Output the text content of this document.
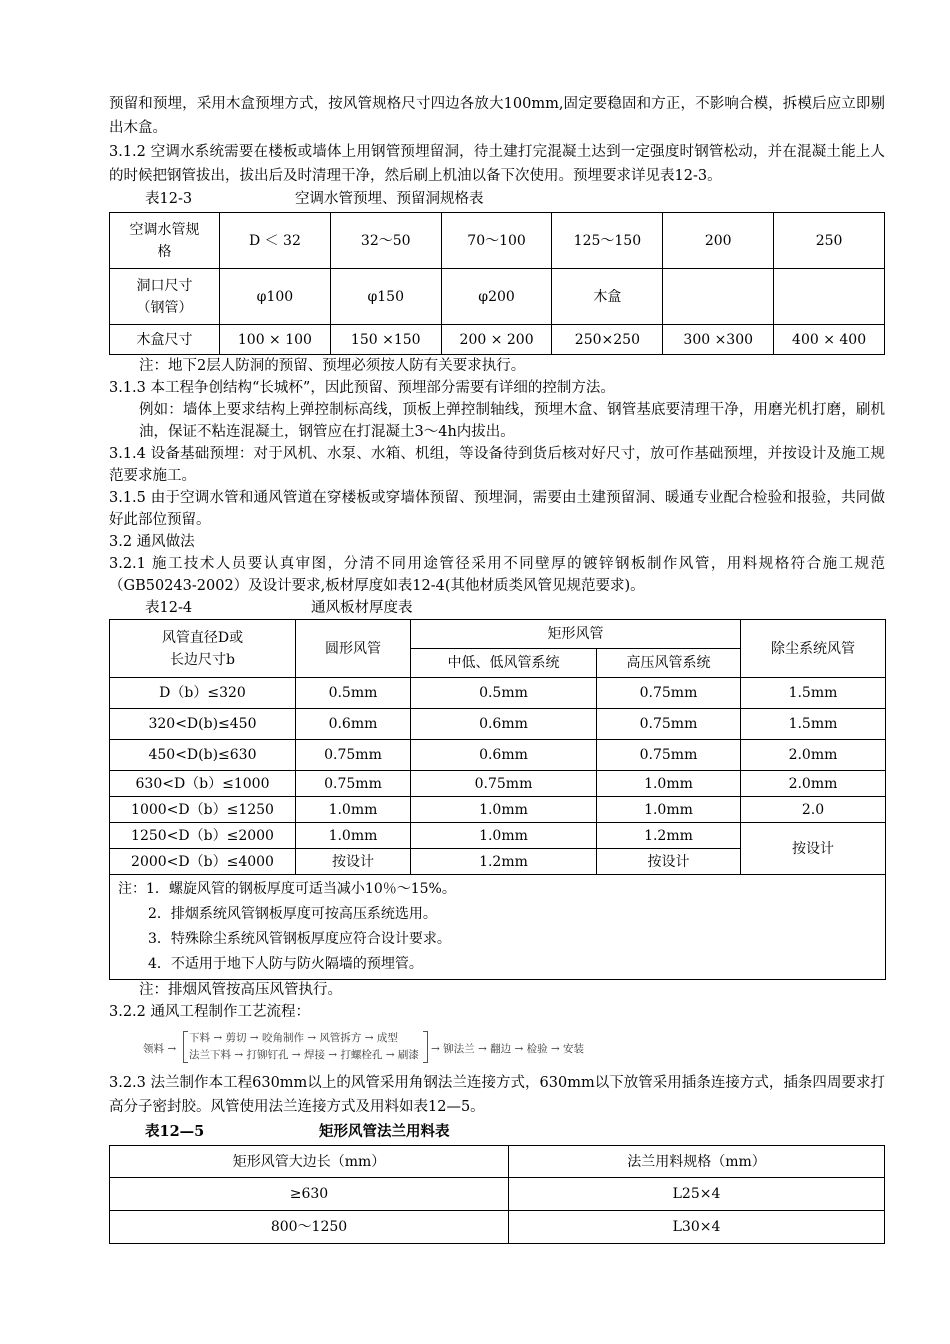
预留和预埋，采用木盒预埋方式，按风管规格尺寸四边各放大100mm,固定要稳固和方正，不影响合模，拆模后应立即剔出木盒。

3.1.2 空调水系统需要在楼板或墙体上用钢管预埋留洞，待土建打完混凝土达到一定强度时钢管松动，并在混凝土能上人的时候把钢管拔出，拔出后及时清理干净，然后刷上机油以备下次使用。预埋要求详见表12-3。

表12-3	空调水管预埋、预留洞规格表
空调水管规格	D ＜ 32	32～50	70～100	125～150	200	250
洞口尺寸（钢管）	φ100	φ150	φ200	木盒		
木盒尺寸	100 × 100	150 ×150	200 × 200	250×250	300 ×300	400 × 400

注：地下2层人防洞的预留、预埋必须按人防有关要求执行。

3.1.3 本工程争创结构“长城杯”，因此预留、预埋部分需要有详细的控制方法。

例如：墙体上要求结构上弹控制标高线，顶板上弹控制轴线，预埋木盒、钢管基底要清理干净，用磨光机打磨，刷机油，保证不粘连混凝土，钢管应在打混凝土3～4h内拔出。

3.1.4 设备基础预埋：对于风机、水泵、水箱、机组，等设备待到货后核对好尺寸，放可作基础预埋，并按设计及施工规范要求施工。

3.1.5 由于空调水管和通风管道在穿楼板或穿墙体预留、预埋洞，需要由土建预留洞、暖通专业配合检验和报验，共同做好此部位预留。

3.2 通风做法

3.2.1 施工技术人员要认真审图，分清不同用途管径采用不同壁厚的镀锌钢板制作风管，用料规格符合施工规范（GB50243-2002）及设计要求,板材厚度如表12-4(其他材质类风管见规范要求)。

表12-4	通风板材厚度表
风管直径D或长边尺寸b	圆形风管	矩形风管		除尘系统风管
		中低、低风管系统	高压风管系统	
D（b）≤320	0.5mm	0.5mm	0.75mm	1.5mm
320<D(b)≤450	0.6mm	0.6mm	0.75mm	1.5mm
450<D(b)≤630	0.75mm	0.6mm	0.75mm	2.0mm
630<D（b）≤1000	0.75mm	0.75mm	1.0mm	2.0mm
1000<D（b）≤1250	1.0mm	1.0mm	1.0mm	2.0
1250<D（b）≤2000	1.0mm	1.0mm	1.2mm	按设计
2000<D（b）≤4000	按设计	1.2mm	按设计	

注：1．螺旋风管的钢板厚度可适当减小10％～15%。
2．排烟系统风管钢板厚度可按高压系统选用。
3．特殊除尘系统风管钢板厚度应符合设计要求。
4．不适用于地下人防与防火隔墙的预埋管。				

注：排烟风管按高压风管执行。

3.2.2 通风工程制作工艺流程：

领料 →
下料 → 剪切 → 咬角制作 → 风管拆方 → 成型
法兰下料 → 打铆钉孔 → 焊接 → 打螺栓孔 → 刷漆 → 铆法兰 → 翻边 → 检验 → 安装

3.2.3 法兰制作本工程630mm以上的风管采用角钢法兰连接方式，630mm以下放管采用插条连接方式，插条四周要求打高分子密封胶。风管使用法兰连接方式及用料如表12—5。

表12—5	矩形风管法兰用料表
矩形风管大边长（mm）	法兰用料规格（mm）
≥630	L25×4
800～1250	L30×4
